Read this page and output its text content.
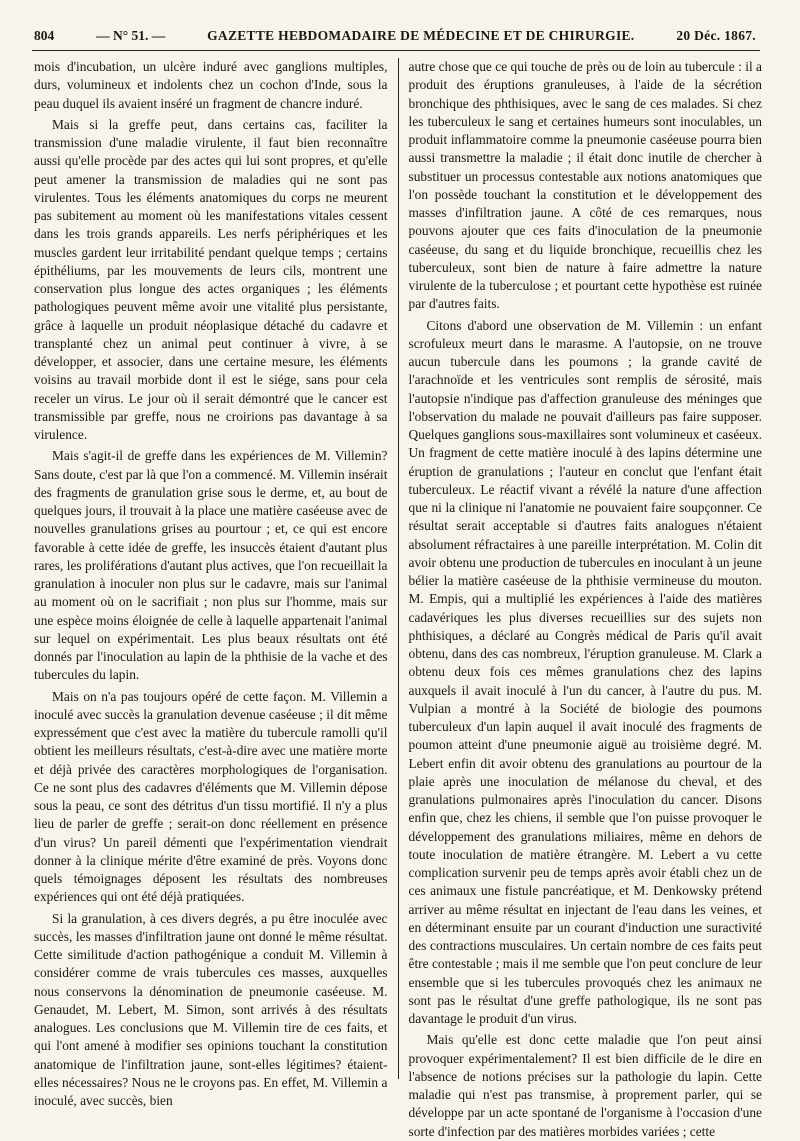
804	— N° 51. —	GAZETTE HEBDOMADAIRE DE MÉDECINE ET DE CHIRURGIE.	20 Déc. 1867.

mois d'incubation, un ulcère induré avec ganglions multiples, durs, volumineux et indolents chez un cochon d'Inde, sous la peau duquel ils avaient inséré un fragment de chancre induré.

Mais si la greffe peut, dans certains cas, faciliter la transmission d'une maladie virulente, il faut bien reconnaître aussi qu'elle procède par des actes qui lui sont propres, et qu'elle peut amener la transmission de maladies qui ne sont pas virulentes. Tous les éléments anatomiques du corps ne meurent pas subitement au moment où les manifestations vitales cessent dans les trois grands appareils. Les nerfs périphériques et les muscles gardent leur irritabilité pendant quelque temps ; certains épithéliums, par les mouvements de leurs cils, montrent une conservation plus longue des actes organiques ; les éléments pathologiques peuvent même avoir une vitalité plus persistante, grâce à laquelle un produit néoplasique détaché du cadavre et transplanté chez un animal peut continuer à vivre, à se développer, et associer, dans une certaine mesure, les éléments voisins au travail morbide dont il est le siége, sans pour cela receler un virus. Le jour où il serait démontré que le cancer est transmissible par greffe, nous ne croirions pas davantage à sa virulence.

Mais s'agit-il de greffe dans les expériences de M. Villemin? Sans doute, c'est par là que l'on a commencé. M. Villemin insérait des fragments de granulation grise sous le derme, et, au bout de quelques jours, il trouvait à la place une matière caséeuse avec de nouvelles granulations grises au pourtour ; et, ce qui est encore favorable à cette idée de greffe, les insuccès étaient d'autant plus rares, les proliférations d'autant plus actives, que l'on recueillait la granulation à inoculer non plus sur le cadavre, mais sur l'animal au moment où on le sacrifiait ; non plus sur l'homme, mais sur une espèce moins éloignée de celle à laquelle appartenait l'animal sur lequel on expérimentait. Les plus beaux résultats ont été donnés par l'inoculation au lapin de la phthisie de la vache et des tubercules du lapin.

Mais on n'a pas toujours opéré de cette façon. M. Villemin a inoculé avec succès la granulation devenue caséeuse ; il dit même expressément que c'est avec la matière du tubercule ramolli qu'il obtient les meilleurs résultats, c'est-à-dire avec une matière morte et déjà privée des caractères morphologiques de l'organisation. Ce ne sont plus des cadavres d'éléments que M. Villemin dépose sous la peau, ce sont des détritus d'un tissu mortifié. Il n'y a plus lieu de parler de greffe ; serait-on donc réellement en présence d'un virus? Un pareil démenti que l'expérimentation viendrait donner à la clinique mérite d'être examiné de près. Voyons donc quels témoignages déposent les résultats des nombreuses expériences qui ont été déjà pratiquées.

Si la granulation, à ces divers degrés, a pu être inoculée avec succès, les masses d'infiltration jaune ont donné le même résultat. Cette similitude d'action pathogénique a conduit M. Villemin à considérer comme de vrais tubercules ces masses, auxquelles nous conservons la dénomination de pneumonie caséeuse. M. Genaudet, M. Lebert, M. Simon, sont arrivés à des résultats analogues. Les conclusions que M. Villemin tire de ces faits, et qui l'ont amené à modifier ses opinions touchant la constitution anatomique de l'infiltration jaune, sont-elles légitimes? étaient-elles nécessaires? Nous ne le croyons pas. En effet, M. Villemin a inoculé, avec succès, bien

autre chose que ce qui touche de près ou de loin au tubercule : il a produit des éruptions granuleuses, à l'aide de la sécrétion bronchique des phthisiques, avec le sang de ces malades. Si chez les tuberculeux le sang et certaines humeurs sont inoculables, un produit inflammatoire comme la pneumonie caséeuse pourra bien aussi transmettre la maladie ; il était donc inutile de chercher à substituer un processus contestable aux notions anatomiques que l'on possède touchant la constitution et le développement des masses d'infiltration jaune. A côté de ces remarques, nous pouvons ajouter que ces faits d'inoculation de la pneumonie caséeuse, du sang et du liquide bronchique, recueillis chez les tuberculeux, sont bien de nature à faire admettre la nature virulente de la tuberculose ; et pourtant cette hypothèse est ruinée par d'autres faits.

Citons d'abord une observation de M. Villemin : un enfant scrofuleux meurt dans le marasme. A l'autopsie, on ne trouve aucun tubercule dans les poumons ; la grande cavité de l'arachnoïde et les ventricules sont remplis de sérosité, mais l'autopsie n'indique pas d'affection granuleuse des méninges que l'observation du malade ne pouvait d'ailleurs pas faire supposer. Quelques ganglions sous-maxillaires sont volumineux et caséeux. Un fragment de cette matière inoculé à des lapins détermine une éruption de granulations ; l'auteur en conclut que l'enfant était tuberculeux. Le réactif vivant a révélé la nature d'une affection que ni la clinique ni l'anatomie ne pouvaient faire soupçonner. Ce résultat serait acceptable si d'autres faits analogues n'étaient absolument réfractaires à une pareille interprétation. M. Colin dit avoir obtenu une production de tubercules en inoculant à un jeune bélier la matière caséeuse de la phthisie vermineuse du mouton. M. Empis, qui a multiplié les expériences à l'aide des matières cadavériques les plus diverses recueillies sur des sujets non phthisiques, a déclaré au Congrès médical de Paris qu'il avait obtenu, dans des cas nombreux, l'éruption granuleuse. M. Clark a obtenu deux fois ces mêmes granulations chez des lapins auxquels il avait inoculé à l'un du cancer, à l'autre du pus. M. Vulpian a montré à la Société de biologie des poumons tuberculeux d'un lapin auquel il avait inoculé des fragments de poumon atteint d'une pneumonie aiguë au troisième degré. M. Lebert enfin dit avoir obtenu des granulations au pourtour de la plaie après une inoculation de mélanose du cheval, et des granulations pulmonaires après l'inoculation du cancer. Disons enfin que, chez les chiens, il semble que l'on puisse provoquer le développement des granulations miliaires, même en dehors de toute inoculation de matière étrangère. M. Lebert a vu cette complication survenir peu de temps après avoir établi chez un de ces animaux une fistule pancréatique, et M. Denkowsky prétend arriver au même résultat en injectant de l'eau dans les veines, et en déterminant ensuite par un courant d'induction une suractivité des contractions musculaires. Un certain nombre de ces faits peut être contestable ; mais il me semble que l'on peut conclure de leur ensemble que si les tubercules provoqués chez les animaux ne sont pas le résultat d'une greffe pathologique, ils ne sont pas davantage le produit d'un virus.

Mais qu'elle est donc cette maladie que l'on peut ainsi provoquer expérimentalement? Il est bien difficile de le dire en l'absence de notions précises sur la pathologie du lapin. Cette maladie qui n'est pas transmise, à proprement parler, qui se développe par un acte spontané de l'organisme à l'occasion d'une sorte d'infection par des matières morbides variées ; cette
